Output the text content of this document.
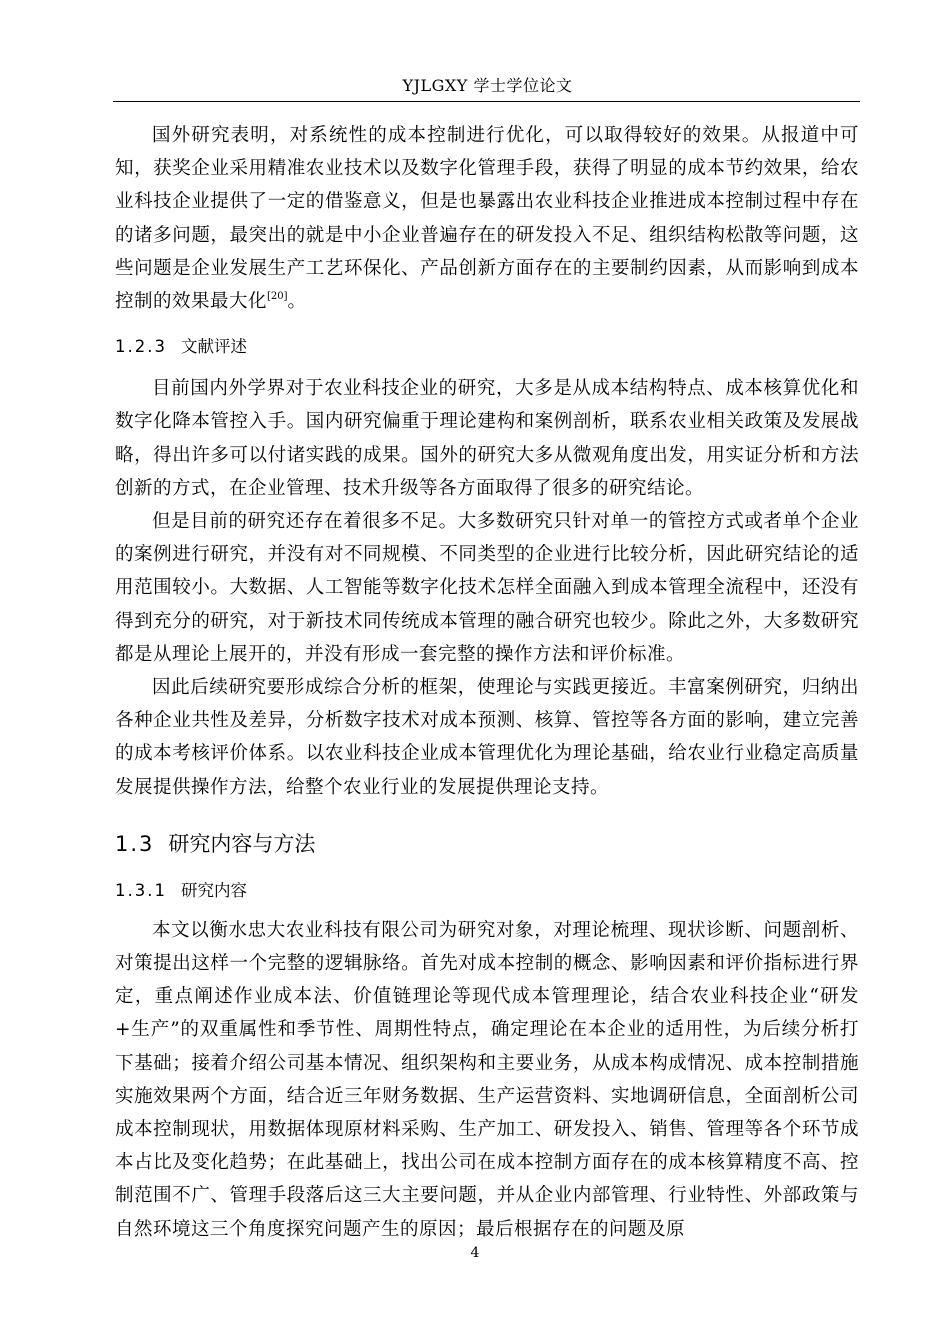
YJLGXY 学士学位论文

国外研究表明，对系统性的成本控制进行优化，可以取得较好的效果。从报道中可知，获奖企业采用精准农业技术以及数字化管理手段，获得了明显的成本节约效果，给农业科技企业提供了一定的借鉴意义，但是也暴露出农业科技企业推进成本控制过程中存在的诸多问题，最突出的就是中小企业普遍存在的研发投入不足、组织结构松散等问题，这些问题是企业发展生产工艺环保化、产品创新方面存在的主要制约因素，从而影响到成本控制的效果最大化[20]。

1.2.3 文献评述

目前国内外学界对于农业科技企业的研究，大多是从成本结构特点、成本核算优化和数字化降本管控入手。国内研究偏重于理论建构和案例剖析，联系农业相关政策及发展战略，得出许多可以付诸实践的成果。国外的研究大多从微观角度出发，用实证分析和方法创新的方式，在企业管理、技术升级等各方面取得了很多的研究结论。

但是目前的研究还存在着很多不足。大多数研究只针对单一的管控方式或者单个企业的案例进行研究，并没有对不同规模、不同类型的企业进行比较分析，因此研究结论的适用范围较小。大数据、人工智能等数字化技术怎样全面融入到成本管理全流程中，还没有得到充分的研究，对于新技术同传统成本管理的融合研究也较少。除此之外，大多数研究都是从理论上展开的，并没有形成一套完整的操作方法和评价标准。

因此后续研究要形成综合分析的框架，使理论与实践更接近。丰富案例研究，归纳出各种企业共性及差异，分析数字技术对成本预测、核算、管控等各方面的影响，建立完善的成本考核评价体系。以农业科技企业成本管理优化为理论基础，给农业行业稳定高质量发展提供操作方法，给整个农业行业的发展提供理论支持。

1.3 研究内容与方法
1.3.1 研究内容

本文以衡水忠大农业科技有限公司为研究对象，对理论梳理、现状诊断、问题剖析、对策提出这样一个完整的逻辑脉络。首先对成本控制的概念、影响因素和评价指标进行界定，重点阐述作业成本法、价值链理论等现代成本管理理论，结合农业科技企业“研发+生产”的双重属性和季节性、周期性特点，确定理论在本企业的适用性，为后续分析打下基础；接着介绍公司基本情况、组织架构和主要业务，从成本构成情况、成本控制措施实施效果两个方面，结合近三年财务数据、生产运营资料、实地调研信息，全面剖析公司成本控制现状，用数据体现原材料采购、生产加工、研发投入、销售、管理等各个环节成本占比及变化趋势；在此基础上，找出公司在成本控制方面存在的成本核算精度不高、控制范围不广、管理手段落后这三大主要问题，并从企业内部管理、行业特性、外部政策与自然环境这三个角度探究问题产生的原因；最后根据存在的问题及原

4
